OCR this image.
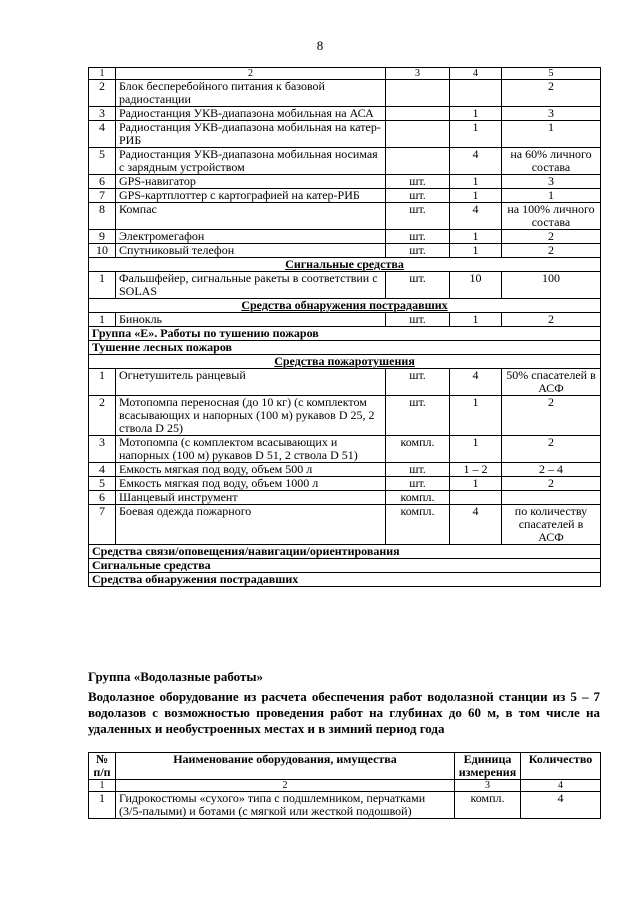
8
1	2	3	4	5
2	Блок бесперебойного питания к базовой радиостанции			2
3	Радиостанция УКВ-диапазона мобильная на АСА		1	3
4	Радиостанция УКВ-диапазона мобильная на катер-РИБ		1	1
5	Радиостанция УКВ-диапазона мобильная носимая с зарядным устройством		4	на 60% личного состава
6	GPS-навигатор	шт.	1	3
7	GPS-картплоттер с картографией на катер-РИБ	шт.	1	1
8	Компас	шт.	4	на 100% личного состава
9	Электромегафон	шт.	1	2
10	Спутниковый телефон	шт.	1	2
Сигнальные средства				
1	Фальшфейер, сигнальные ракеты в соответствии с SOLAS	шт.	10	100
Средства обнаружения пострадавших				
1	Бинокль	шт.	1	2
Группа «Е». Работы по тушению пожаров				
Тушение лесных пожаров				
Средства пожаротушения				
1	Огнетушитель ранцевый	шт.	4	50% спасателей в АСФ
2	Мотопомпа переносная (до 10 кг) (с комплектом всасывающих и напорных (100 м) рукавов D 25, 2 ствола D 25)	шт.	1	2
3	Мотопомпа (с комплектом всасывающих и напорных (100 м) рукавов D 51, 2 ствола D 51)	компл.	1	2
4	Емкость мягкая под воду, объем 500 л	шт.	1 – 2	2 – 4
5	Емкость мягкая под воду, объем 1000 л	шт.	1	2
6	Шанцевый инструмент	компл.		
7	Боевая одежда пожарного	компл.	4	по количеству спасателей в АСФ
Средства связи/оповещения/навигации/ориентирования				
Сигнальные средства				
Средства обнаружения пострадавших				
Группа «Водолазные работы»
Водолазное оборудование из расчета обеспечения работ водолазной станции из 5 – 7 водолазов с возможностью проведения работ на глубинах до 60 м, в том числе на удаленных и необустроенных местах и в зимний период года
№ п/п	Наименование оборудования, имущества	Единица измерения	Количество
1	2	3	4
1	Гидрокостюмы «сухого» типа с подшлемником, перчатками (3/5-палыми) и ботами (с мягкой или жесткой подошвой)	компл.	4
